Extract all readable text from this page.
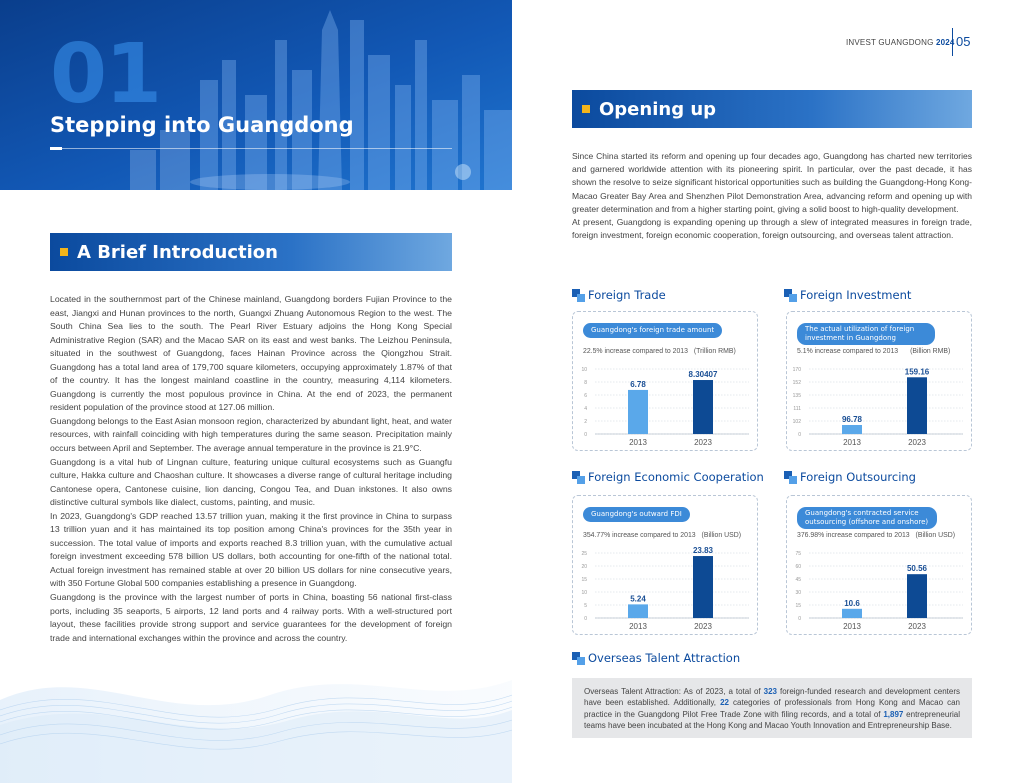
01
Stepping into Guangdong
A Brief Introduction

Located in the southernmost part of the Chinese mainland, Guangdong borders Fujian Province to the east, Jiangxi and Hunan provinces to the north, Guangxi Zhuang Autonomous Region to the west. The South China Sea lies to the south. The Pearl River Estuary adjoins the Hong Kong Special Administrative Region (SAR) and the Macao SAR on its east and west banks. The Leizhou Peninsula, situated in the southwest of Guangdong, faces Hainan Province across the Qiongzhou Strait. Guangdong has a total land area of 179,700 square kilometers, occupying approximately 1.87% of that of the country. It has the longest mainland coastline in the country, measuring 4,114 kilometers. Guangdong is currently the most populous province in China. At the end of 2023, the permanent resident population of the province stood at 127.06 million.

Guangdong belongs to the East Asian monsoon region, characterized by abundant light, heat, and water resources, with rainfall coinciding with high temperatures during the same season. Precipitation mainly occurs between April and September. The average annual temperature in the province is 21.9°C.

Guangdong is a vital hub of Lingnan culture, featuring unique cultural ecosystems such as Guangfu culture, Hakka culture and Chaoshan culture. It showcases a diverse range of cultural heritage including Cantonese opera, Cantonese cuisine, lion dancing, Congou Tea, and Duan inkstones. It also owns distinctive cultural symbols like dialect, customs, painting, and music.

In 2023, Guangdong's GDP reached 13.57 trillion yuan, making it the first province in China to surpass 13 trillion yuan and it has maintained its top position among China's provinces for the 35th year in succession. The total value of imports and exports reached 8.3 trillion yuan, with the cumulative actual foreign investment exceeding 578 billion US dollars, both accounting for one-fifth of the national total. Actual foreign investment has remained stable at over 20 billion US dollars for nine consecutive years, with 350 Fortune Global 500 companies establishing a presence in Guangdong.

Guangdong is the province with the largest number of ports in China, boasting 56 national first-class ports, including 35 seaports, 5 airports, 12 land ports and 4 railway ports. With a well-structured port layout, these facilities provide strong support and service guarantees for the development of foreign trade and international exchanges within the province and across the country.

INVEST GUANGDONG 2024 05
Opening up

Since China started its reform and opening up four decades ago, Guangdong has charted new territories and garnered worldwide attention with its pioneering spirit. In particular, over the past decade, it has shown the resolve to seize significant historical opportunities such as building the Guangdong-Hong Kong-Macao Greater Bay Area and Shenzhen Pilot Demonstration Area, advancing reform and opening up with greater determination and from a higher starting point, giving a solid boost to high-quality development.

At present, Guangdong is expanding opening up through a slew of integrated measures in foreign trade, foreign investment, foreign economic cooperation, foreign outsourcing, and overseas talent attraction.

Foreign Trade
Guangdong's foreign trade amount
22.5% increase compared to 2013 (Trillion RMB)
0
2
4
6
8
10
6.78
2013
8.30407
2023
Foreign Investment
The actual utilization of foreign investment in Guangdong
5.1% increase compared to 2013 (Billion RMB)
0
102
111
135
152
170
96.78
2013
159.16
2023
Foreign Economic Cooperation
Guangdong's outward FDI
354.77% increase compared to 2013 (Billion USD)
0
5
10
15
20
25
5.24
2013
23.83
2023
Foreign Outsourcing
Guangdong's contracted service outsourcing (offshore and onshore)
376.98% increase compared to 2013 (Billion USD)
0
15
30
45
60
75
10.6
2013
50.56
2023
Overseas Talent Attraction
Overseas Talent Attraction: As of 2023, a total of 323 foreign-funded research and development centers have been established. Additionally, 22 categories of professionals from Hong Kong and Macao can practice in the Guangdong Pilot Free Trade Zone with filing records, and a total of 1,897 entrepreneurial teams have been incubated at the Hong Kong and Macao Youth Innovation and Entrepreneurship Base.
